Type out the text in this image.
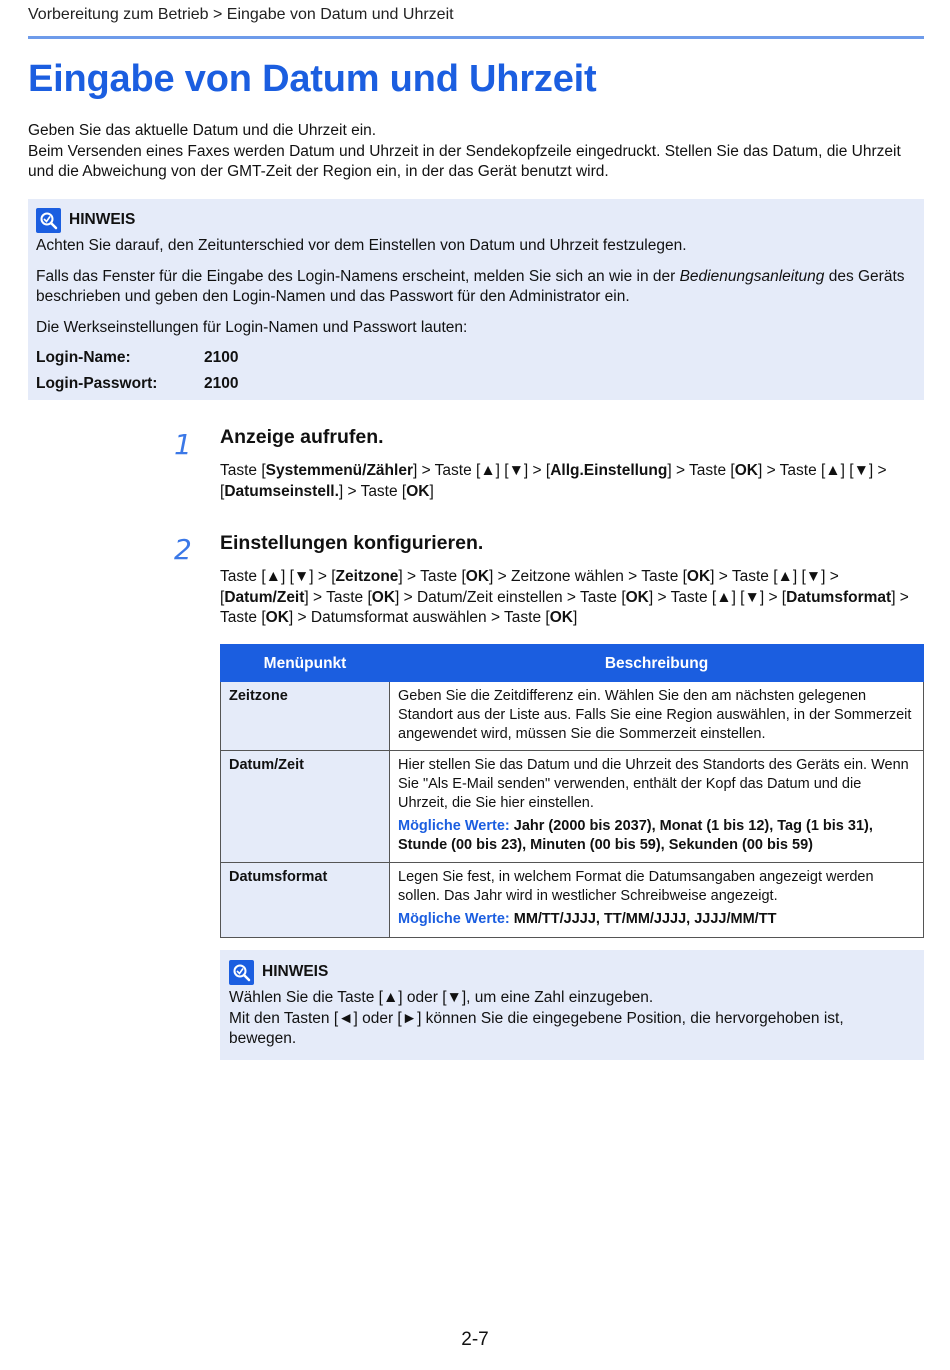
Vorbereitung zum Betrieb > Eingabe von Datum und Uhrzeit
Eingabe von Datum und Uhrzeit

Geben Sie das aktuelle Datum und die Uhrzeit ein.

Beim Versenden eines Faxes werden Datum und Uhrzeit in der Sendekopfzeile eingedruckt. Stellen Sie das Datum, die Uhrzeit und die Abweichung von der GMT-Zeit der Region ein, in der das Gerät benutzt wird.

HINWEIS

Achten Sie darauf, den Zeitunterschied vor dem Einstellen von Datum und Uhrzeit festzulegen.

Falls das Fenster für die Eingabe des Login-Namens erscheint, melden Sie sich an wie in der Bedienungsanleitung des Geräts beschrieben und geben den Login-Namen und das Passwort für den Administrator ein.

Die Werkseinstellungen für Login-Namen und Passwort lauten:

Login-Name:	2100
Login-Passwort:	2100
1 Anzeige aufrufen.
Taste [Systemmenü/Zähler] > Taste [▲] [▼] > [Allg.Einstellung] > Taste [OK] > Taste [▲] [▼] > [Datumseinstell.] > Taste [OK]
2 Einstellungen konfigurieren.
Taste [▲] [▼] > [Zeitzone] > Taste [OK] > Zeitzone wählen > Taste [OK] > Taste [▲] [▼] > [Datum/Zeit] > Taste [OK] > Datum/Zeit einstellen > Taste [OK] > Taste [▲] [▼] > [Datumsformat] > Taste [OK] > Datumsformat auswählen > Taste [OK]
Menüpunkt	Beschreibung
Zeitzone	Geben Sie die Zeitdifferenz ein. Wählen Sie den am nächsten gelegenen Standort aus der Liste aus. Falls Sie eine Region auswählen, in der Sommerzeit angewendet wird, müssen Sie die Sommerzeit einstellen.

Datum/Zeit	Hier stellen Sie das Datum und die Uhrzeit des Standorts des Geräts ein. Wenn Sie "Als E-Mail senden" verwenden, enthält der Kopf das Datum und die Uhrzeit, die Sie hier einstellen.

Mögliche Werte: Jahr (2000 bis 2037), Monat (1 bis 12), Tag (1 bis 31), Stunde (00 bis 23), Minuten (00 bis 59), Sekunden (00 bis 59)

Datumsformat	Legen Sie fest, in welchem Format die Datumsangaben angezeigt werden sollen. Das Jahr wird in westlicher Schreibweise angezeigt.

Mögliche Werte: MM/TT/JJJJ, TT/MM/JJJJ, JJJJ/MM/TT

HINWEIS

Wählen Sie die Taste [▲] oder [▼], um eine Zahl einzugeben.

Mit den Tasten [◄] oder [►] können Sie die eingegebene Position, die hervorgehoben ist, bewegen.

2-7
